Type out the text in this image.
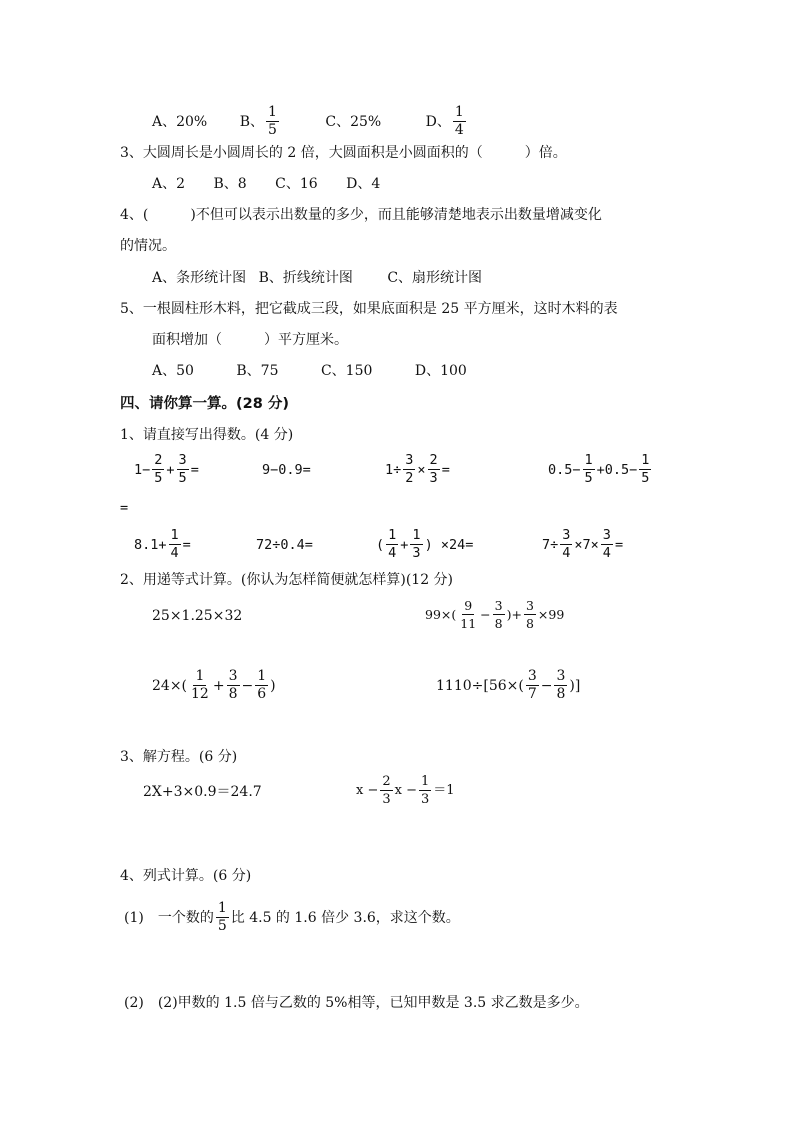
A、20% B、 $\frac{1}{5}$	C、25%	D、 $\frac{1}{4}$
3、大圆周长是小圆周长的 2 倍，大圆面积是小圆面积的（　　　）倍。
A、2 B、8 C、16 D、4
4、(　　　)不但可以表示出数量的多少，而且能够清楚地表示出数量增减变化
的情况。
A、条形统计图 B、折线统计图 C、扇形统计图
5、一根圆柱形木料，把它截成三段，如果底面积是 25 平方厘米，这时木料的表
面积增加（　　　）平方厘米。
A、50	B、75	C、150	D、100
四、请你算一算。(28 分)
1、请直接写出得数。(4 分)
$1- \frac{2}{5} + \frac{3}{5}$ =	9−0.9=	$1\div \frac{3}{2} \times \frac{2}{3}$ =	$0.5- \frac{1}{5} +0.5- \frac{1}{5}$
=
$8.1+ \frac{1}{4}$ =	72÷0.4=	( $\frac{1}{4} + \frac{1}{3}$ ) ×24=	$7\div \frac{3}{4} \times 7\times \frac{3}{4}$ =
2、用递等式计算。(你认为怎样简便就怎样算)(12 分)
25×1.25×32	$99\times( \frac{9}{11} - \frac{3}{8}$ )+ $\frac{3}{8} \times 99$
$24\times( \frac{1}{12} + \frac{3}{8} - \frac{1}{6}$ )	$1110\div[56\times( \frac{3}{7} - \frac{3}{8}$ )]
3、解方程。(6 分)
2X+3×0.9＝24.7	$x - \frac{2}{3}$ $x - \frac{1}{3} =1$
4、列式计算。(6 分)
(1)　一个数的 $\frac{1}{5}$ 比 4.5 的 1.6 倍少 3.6，求这个数。
(2)　(2)甲数的 1.5 倍与乙数的 5%相等，已知甲数是 3.5 求乙数是多少。
